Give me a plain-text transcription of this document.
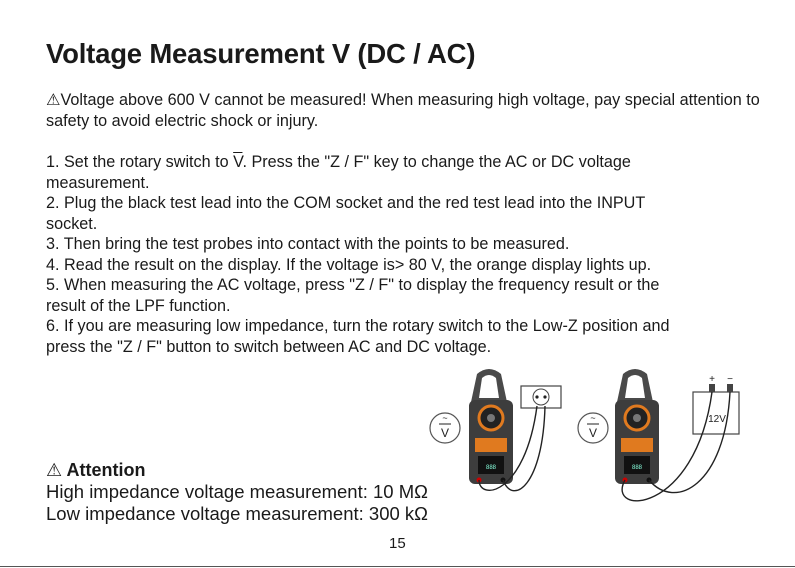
Voltage Measurement V (DC / AC)

⚠Voltage above 600 V cannot be measured! When measuring high voltage, pay special attention to safety to avoid electric shock or injury.

1. Set the rotary switch to $\overline{V}$. Press the "Z / F" key to change the AC or DC voltage
measurement.
2. Plug the black test lead into the COM socket and the red test lead into the INPUT
socket.
3. Then bring the test probes into contact with the points to be measured.
4. Read the result on the display. If the voltage is> 80 V, the orange display lights up.
5. When measuring the AC voltage, press "Z / F" to display the frequency result or the
result of the LPF function.
6. If you are measuring low impedance, turn the rotary switch to the Low-Z position and
press the "Z / F" button to switch between AC and DC voltage.
⚠ Attention
High impedance voltage measurement: 10 MΩ
Low impedance voltage measurement: 300 kΩ
~
V
888
~
V
888
+ −
12V
15
